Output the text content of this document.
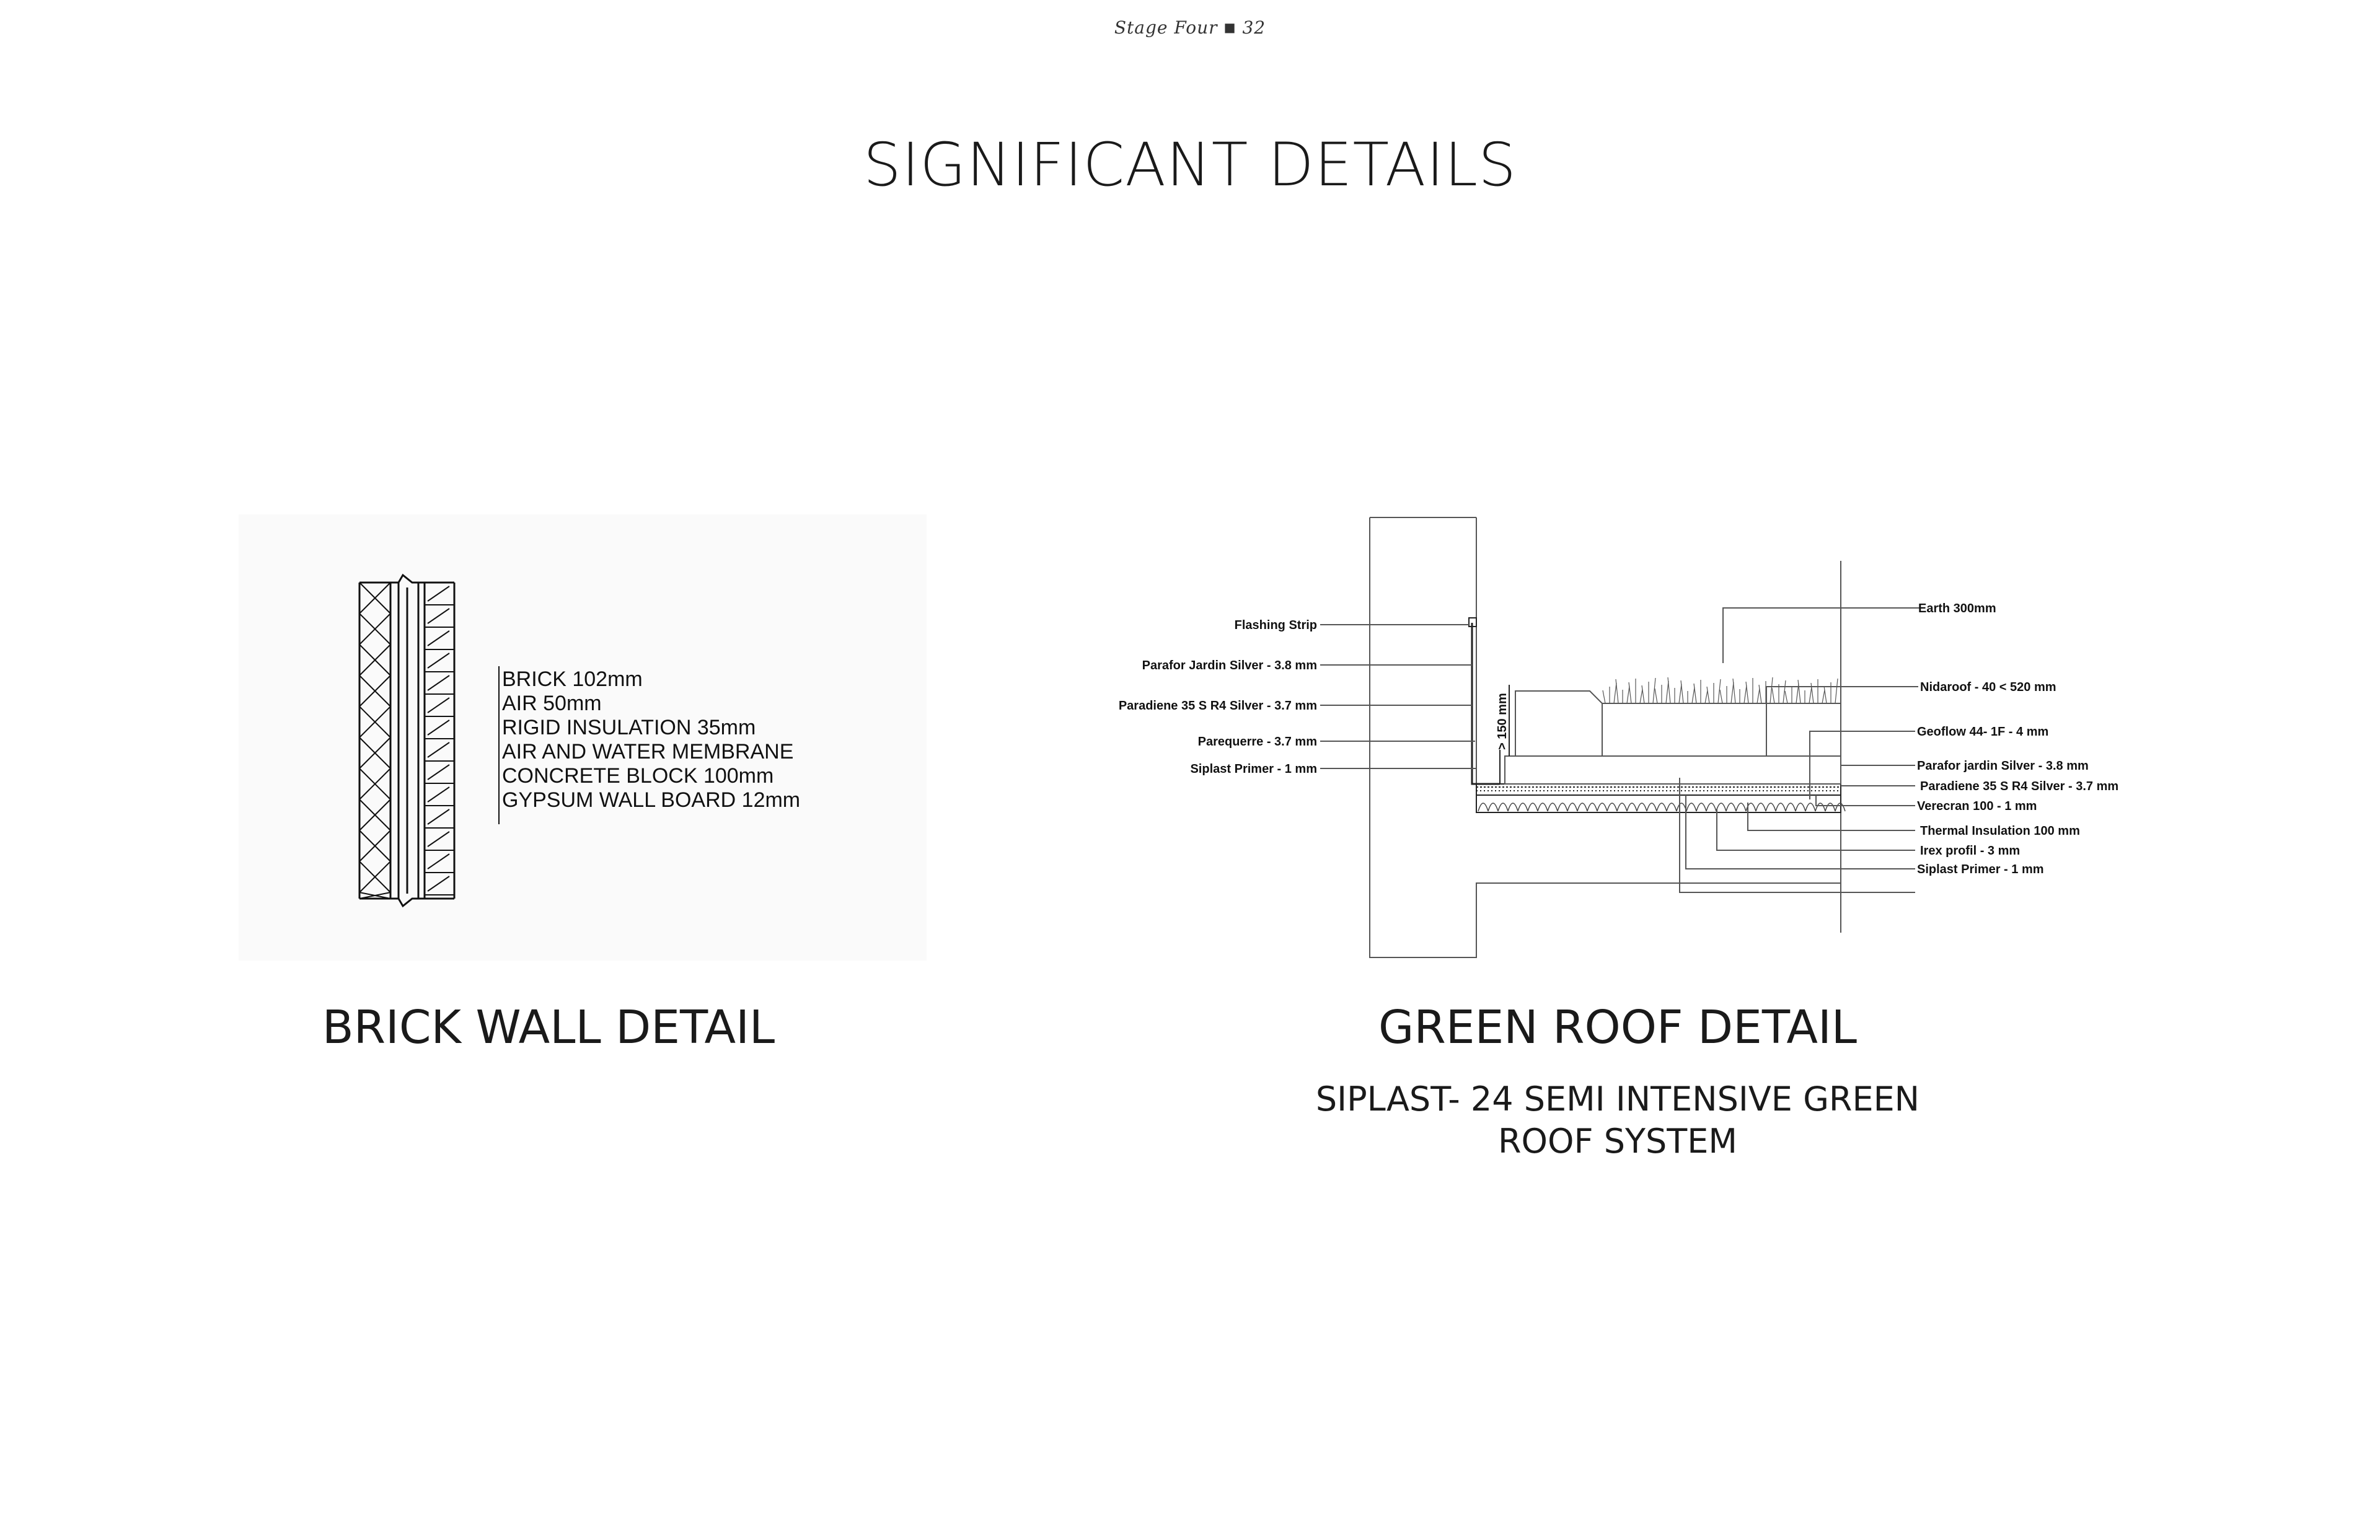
Stage Four ■ 32
SIGNIFICANT DETAILS
BRICK 102mm
AIR 50mm
RIGID INSULATION 35mm
AIR AND WATER MEMBRANE
CONCRETE BLOCK 100mm
GYPSUM WALL BOARD 12mm
BRICK WALL DETAIL
> 150 mm
Flashing Strip
Parafor Jardin Silver - 3.8 mm
Paradiene 35 S R4 Silver - 3.7 mm
Parequerre - 3.7 mm
Siplast Primer - 1 mm
Earth 300mm
Nidaroof - 40 < 520 mm
Geoflow 44- 1F - 4 mm
Parafor jardin Silver - 3.8 mm
Paradiene 35 S R4 Silver - 3.7 mm
Verecran 100 - 1 mm
Thermal Insulation 100 mm
Irex profil - 3 mm
Siplast Primer - 1 mm
GREEN ROOF DETAIL
SIPLAST- 24 SEMI INTENSIVE GREEN
ROOF SYSTEM
